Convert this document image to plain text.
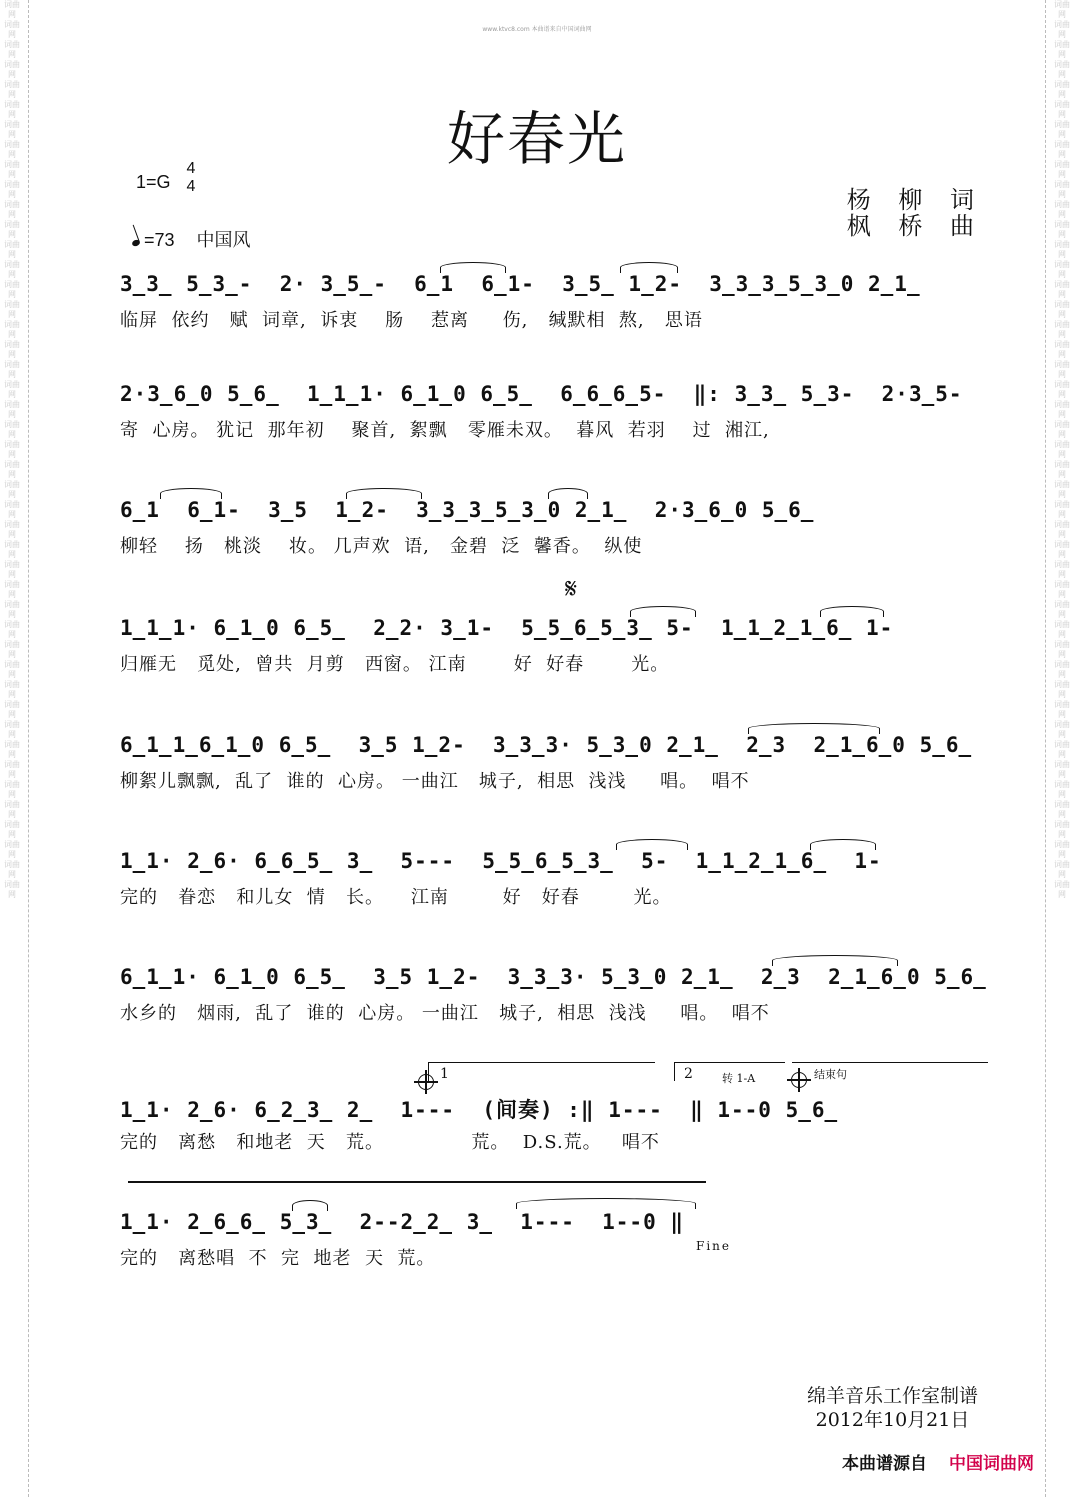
词曲网 词曲网 词曲网 词曲网 词曲网 词曲网 词曲网 词曲网 词曲网 词曲网 词曲网 词曲网 词曲网 词曲网 词曲网 词曲网 词曲网 词曲网 词曲网 词曲网 词曲网 词曲网 词曲网 词曲网 词曲网 词曲网 词曲网 词曲网 词曲网 词曲网 词曲网 词曲网 词曲网 词曲网 词曲网 词曲网 词曲网 词曲网 词曲网 词曲网 词曲网 词曲网 词曲网 词曲网 词曲网
词曲网 词曲网 词曲网 词曲网 词曲网 词曲网 词曲网 词曲网 词曲网 词曲网 词曲网 词曲网 词曲网 词曲网 词曲网 词曲网 词曲网 词曲网 词曲网 词曲网 词曲网 词曲网 词曲网 词曲网 词曲网 词曲网 词曲网 词曲网 词曲网 词曲网 词曲网 词曲网 词曲网 词曲网 词曲网 词曲网 词曲网 词曲网 词曲网 词曲网 词曲网 词曲网 词曲网 词曲网 词曲网
www.ktvc8.com 本曲谱来自中国词曲网
好春光
1=G
4
4
=73 中国风
杨 柳 词
枫 桥 曲
3̲3̲ 5̲3̲-  2· 3̲5̲-  6̲1  6̲1-  3̲5̲ 1̲2-  3̲3̲3̲5̲3̲0 2̲1̲
临屏  依约   赋  词章,  诉衷    肠    惹离     伤,   缄默相  熬,   思语
2·3̲6̲0 5̲6̲  1̲1̲1· 6̲1̲0 6̲5̲  6̲6̲6̲5-  ‖: 3̲3̲ 5̲3-  2·3̲5-
寄  心房。 犹记  那年初    聚首,  絮飘   零雁未双。  暮风  若羽    过  湘江,
6̲1  6̲1-  3̲5  1̲2-  3̲3̲3̲5̲3̲0 2̲1̲  2·3̲6̲0 5̲6̲
柳轻    扬   桃淡    妆。 几声欢  语,   金碧  泛  馨香。  纵使
𝄋
1̲1̲1· 6̲1̲0 6̲5̲  2̲2· 3̲1-  5̲5̲6̲5̲3̲ 5-  1̲1̲2̲1̲6̲ 1-
归雁无   觅处,  曾共  月剪   西窗。 江南       好  好春       光。
6̲1̲1̲6̲1̲0 6̲5̲  3̲5 1̲2-  3̲3̲3· 5̲3̲0 2̲1̲  2̲3  2̲1̲6̲0 5̲6̲
柳絮儿飘飘,  乱了  谁的  心房。 一曲江   城子,  相思  浅浅     唱。  唱不
1̲1· 2̲6· 6̲6̲5̲ 3̲  5---  5̲5̲6̲5̲3̲  5-  1̲1̲2̲1̲6̲  1-
完的   眷恋   和儿女  情   长。    江南        好   好春        光。
6̲1̲1· 6̲1̲0 6̲5̲  3̲5 1̲2-  3̲3̲3· 5̲3̲0 2̲1̲  2̲3  2̲1̲6̲0 5̲6̲
水乡的   烟雨,  乱了  谁的  心房。 一曲江   城子,  相思  浅浅     唱。  唱不
1	2	转 1-A	结束句
1̲1· 2̲6· 6̲2̲3̲ 2̲  1---  (间奏) :‖ 1---  ‖ 1--0 5̲6̲
完的   离愁   和地老  天   荒。             荒。  D.S.荒。   唱不
1̲1· 2̲6̲6̲ 5̲3̲  2--2̲2̲ 3̲  1---  1--0 ‖
完的   离愁唱  不  完  地老  天  荒。
Fine
绵羊音乐工作室制谱
2012年10月21日
本曲谱源自 中国词曲网
